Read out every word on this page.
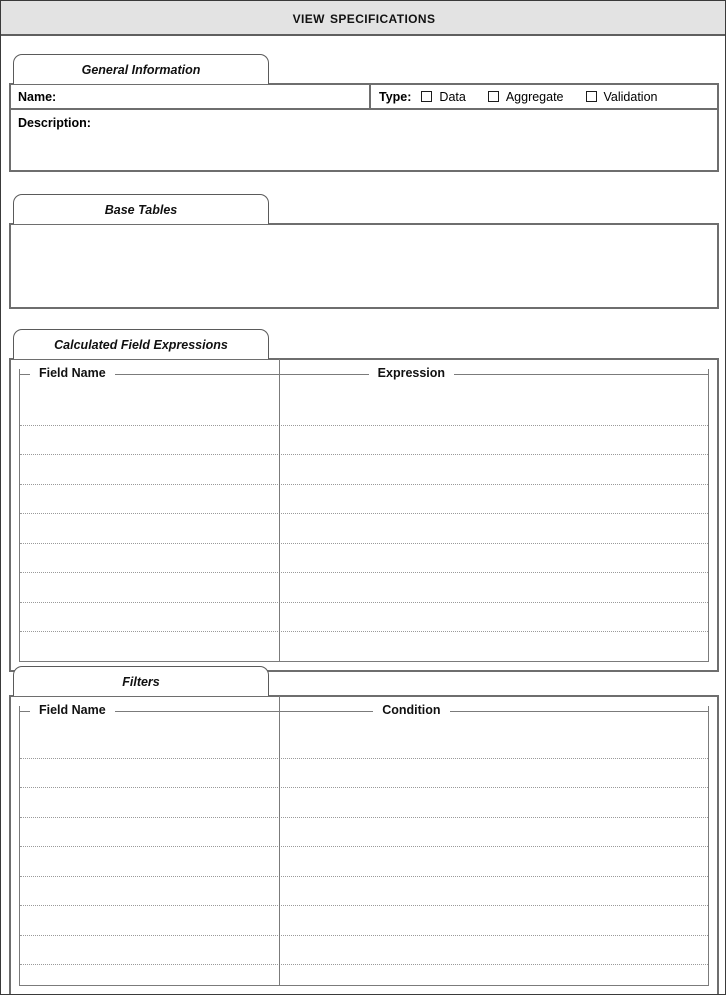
view specifications
General Information
Name:	Type: Data	Aggregate	Validation
Description:
Base Tables
Calculated Field Expressions
Field Name	Expression
Filters
Field Name	Condition
